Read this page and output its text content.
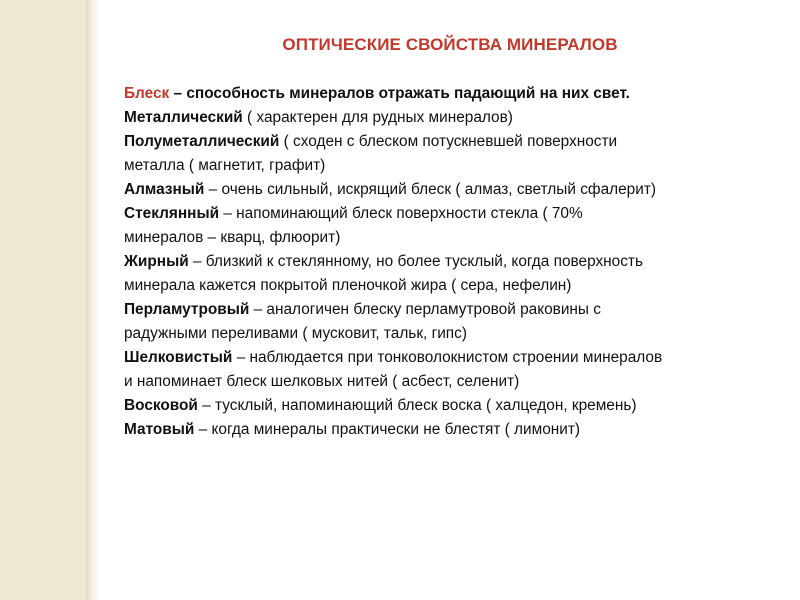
ОПТИЧЕСКИЕ СВОЙСТВА МИНЕРАЛОВ
Блеск – способность минералов отражать падающий на них свет.
Металлический ( характерен для рудных минералов)
Полуметаллический ( сходен с блеском потускневшей поверхности
металла ( магнетит, графит)
Алмазный – очень сильный, искрящий блеск ( алмаз, светлый сфалерит)
Стеклянный – напоминающий блеск поверхности стекла ( 70%
минералов – кварц, флюорит)
Жирный – близкий к стеклянному, но более тусклый, когда поверхность
минерала кажется покрытой пленочкой жира ( сера, нефелин)
Перламутровый – аналогичен блеску перламутровой раковины с
радужными переливами ( мусковит, тальк, гипс)
Шелковистый – наблюдается при тонковолокнистом строении минералов
и напоминает блеск шелковых нитей ( асбест, селенит)
Восковой – тусклый, напоминающий блеск воска ( халцедон, кремень)
Матовый – когда минералы практически не блестят ( лимонит)
